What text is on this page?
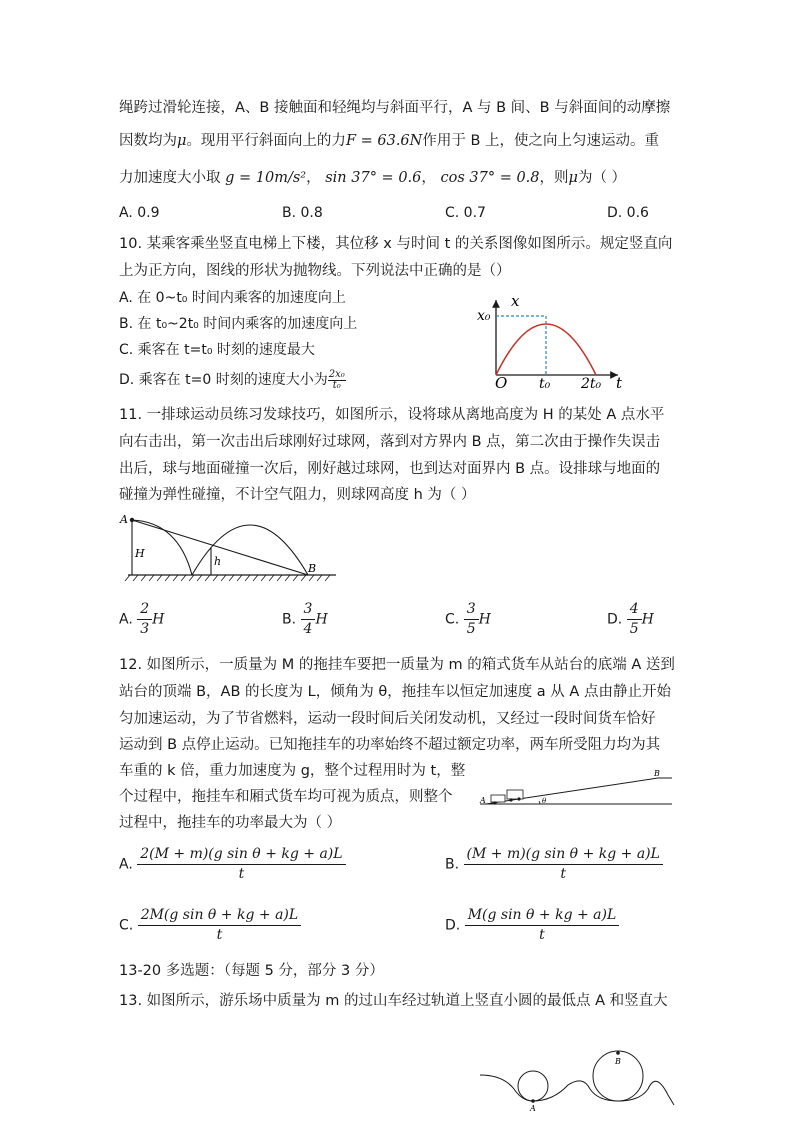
绳跨过滑轮连接，A、B 接触面和轻绳均与斜面平行，A 与 B 间、B 与斜面间的动摩擦
因数均为μ。现用平行斜面向上的力F = 63.6N作用于 B 上，使之向上匀速运动。重
力加速度大小取 g = 10m/s²， sin 37° = 0.6， cos 37° = 0.8，则μ为（ ）
A. 0.9	B. 0.8	C. 0.7	D. 0.6
10. 某乘客乘坐竖直电梯上下楼，其位移 x 与时间 t 的关系图像如图所示。规定竖直向
上为正方向，图线的形状为抛物线。下列说法中正确的是（）
A. 在 0~t₀ 时间内乘客的加速度向上
B. 在 t₀~2t₀ 时间内乘客的加速度向上
C. 乘客在 t=t₀ 时刻的速度最大
D. 乘客在 t=0 时刻的速度大小为 $\frac{\text{2x₀}}{\text{t₀}}$
x
x₀
O t₀ 2t₀ t
11. 一排球运动员练习发球技巧，如图所示，设将球从离地高度为 H 的某处 A 点水平
向右击出，第一次击出后球刚好过球网，落到对方界内 B 点，第二次由于操作失误击
出后，球与地面碰撞一次后，刚好越过球网，也到达对面界内 B 点。设排球与地面的
碰撞为弹性碰撞，不计空气阻力，则球网高度 h 为（ ）
A
H
h
B
A. $\frac{2}{3}$ H	B. $\frac{3}{4}$ H	C. $\frac{3}{5}$ H	D. $\frac{4}{5}$ H
12. 如图所示，一质量为 M 的拖挂车要把一质量为 m 的箱式货车从站台的底端 A 送到
站台的顶端 B，AB 的长度为 L，倾角为 θ，拖挂车以恒定加速度 a 从 A 点由静止开始
匀加速运动，为了节省燃料，运动一段时间后关闭发动机，又经过一段时间货车恰好
运动到 B 点停止运动。已知拖挂车的功率始终不超过额定功率，两车所受阻力均为其
车重的 k 倍，重力加速度为 g，整个过程用时为 t，整
个过程中，拖挂车和厢式货车均可视为质点，则整个
过程中，拖挂车的功率最大为（ ）
A
B
θ
A. $\frac{\text{2(M + m)(g sin θ + kg + a)L}}{t}$	B. $\frac{\text{(M + m)(g sin θ + kg + a)L}}{t}$
C. $\frac{\text{2M(g sin θ + kg + a)L}}{t}$	D. $\frac{\text{M(g sin θ + kg + a)L}}{t}$
13-20 多选题：（每题 5 分，部分 3 分）
13. 如图所示，游乐场中质量为 m 的过山车经过轨道上竖直小圆的最低点 A 和竖直大
A
B
